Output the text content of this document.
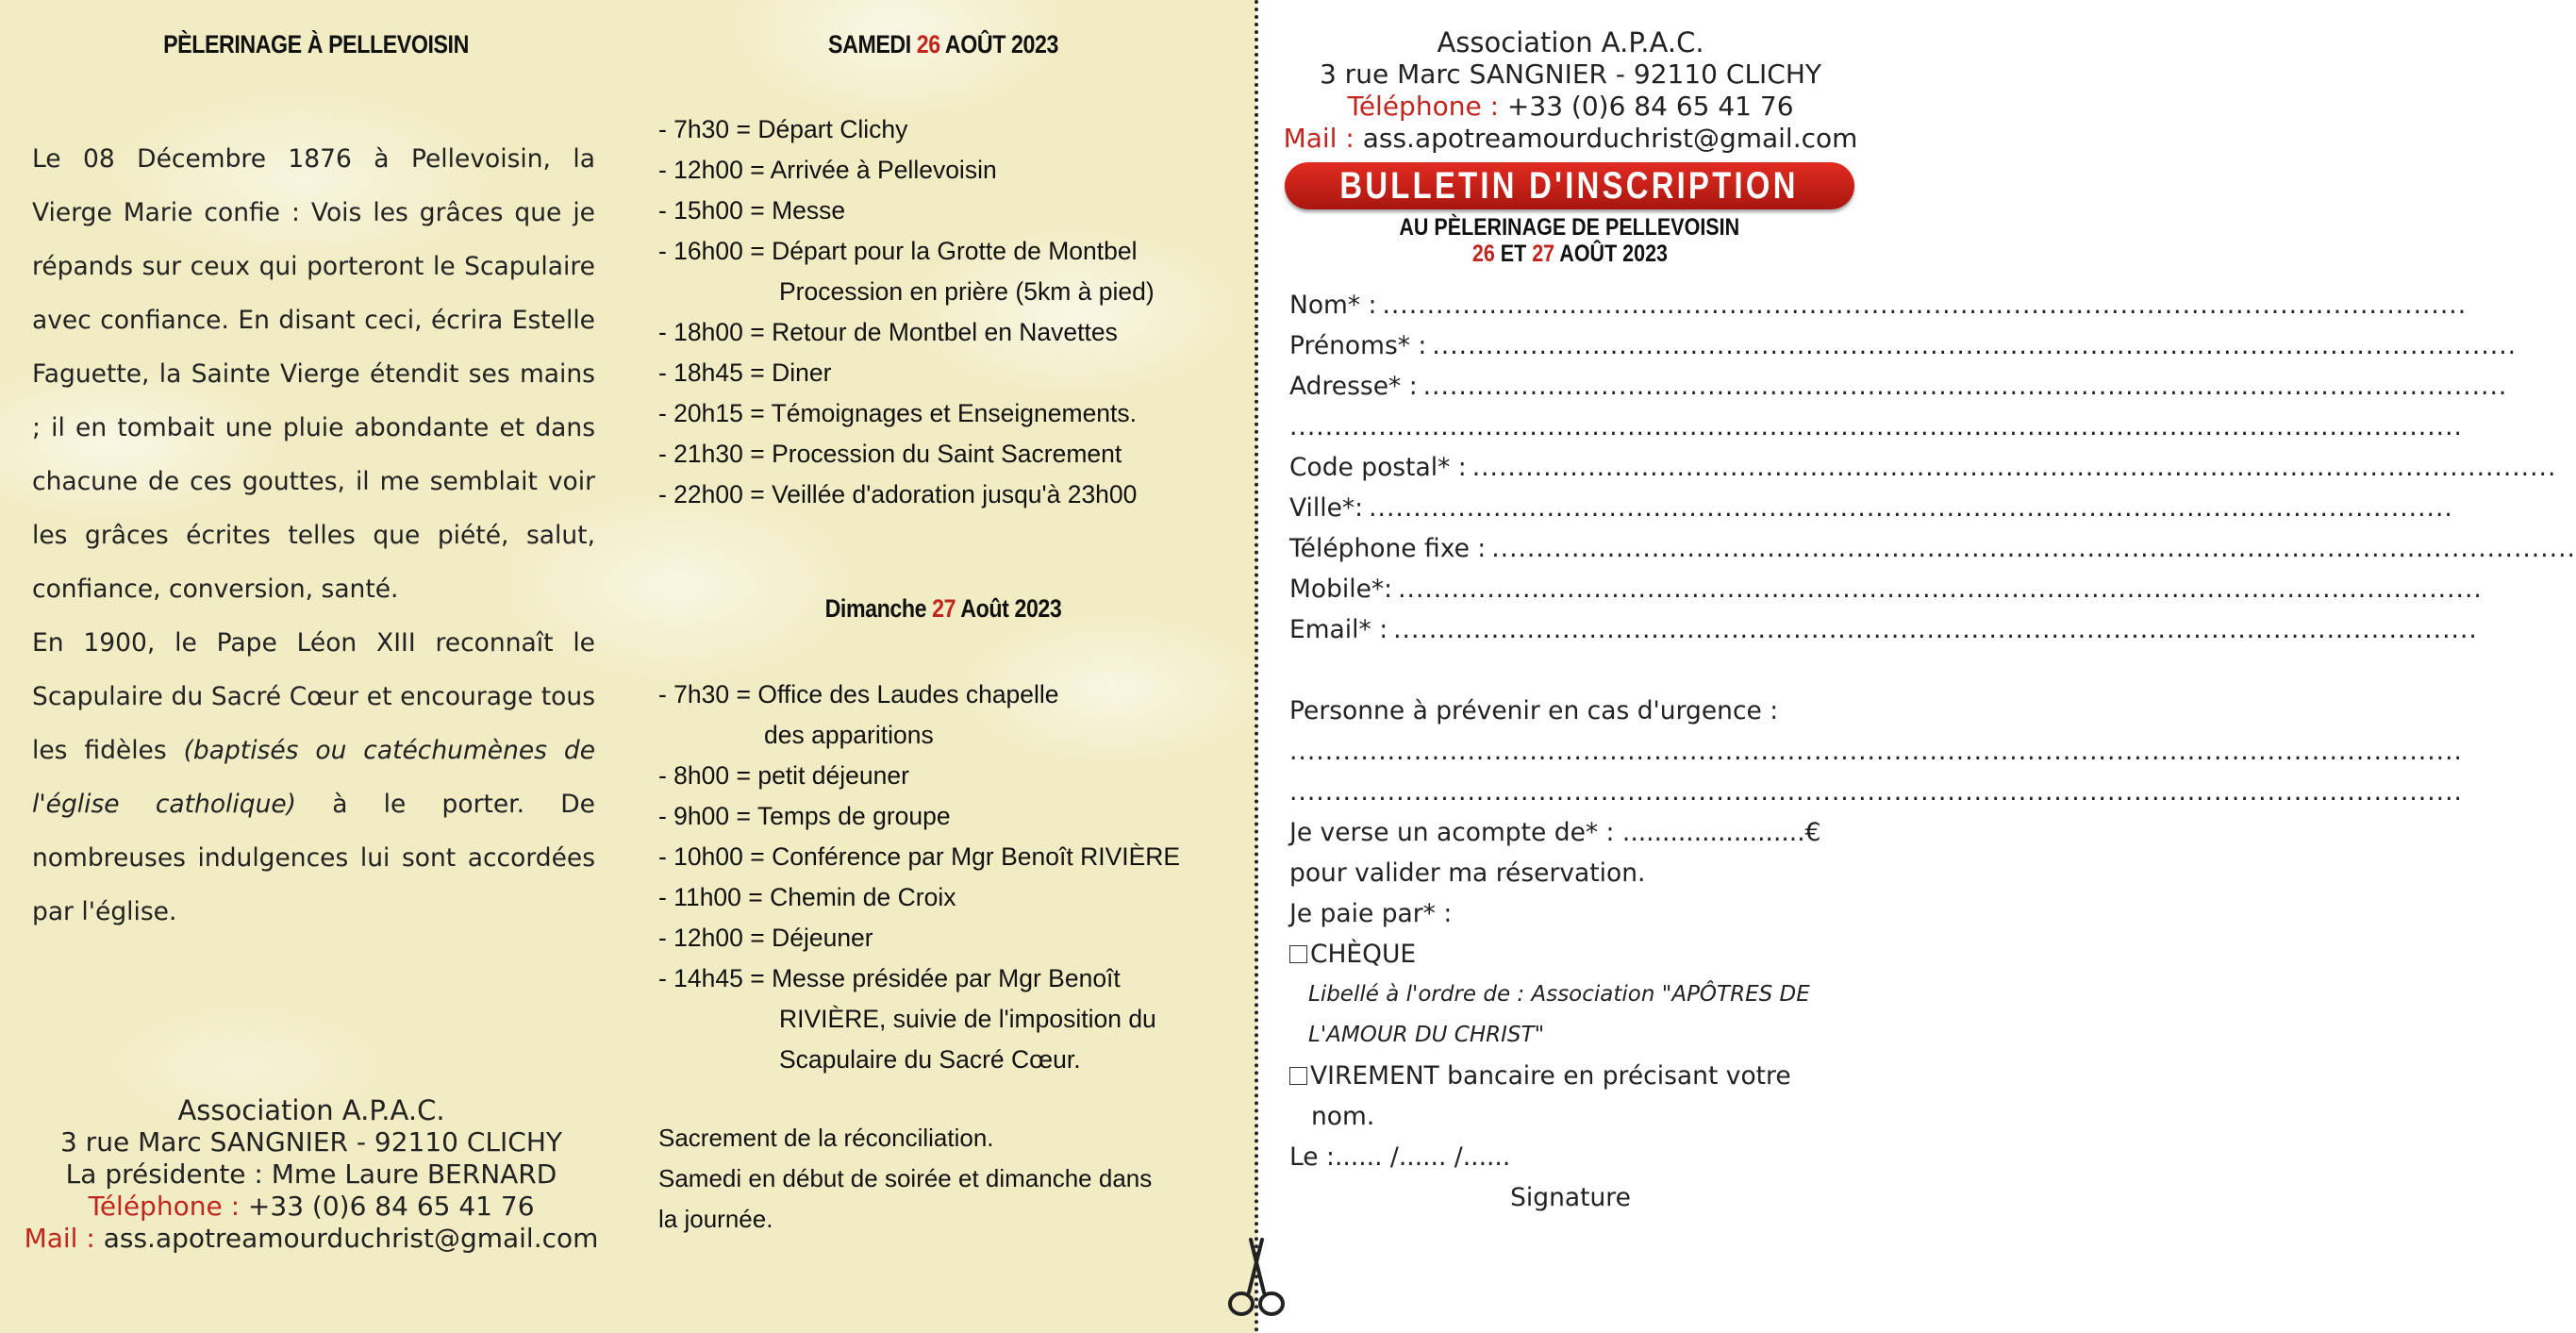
PÈLERINAGE À PELLEVOISIN

Le 08 Décembre 1876 à Pellevoisin, la Vierge Marie confie : Vois les grâces que je répands sur ceux qui porteront le Scapulaire avec confiance. En disant ceci, écrira Estelle Faguette, la Sainte Vierge étendit ses mains ; il en tombait une pluie abondante et dans chacune de ces gouttes, il me semblait voir les grâces écrites telles que piété, salut, confiance, conversion, santé.

En 1900, le Pape Léon XIII reconnaît le Scapulaire du Sacré Cœur et encourage tous les fidèles (baptisés ou catéchumènes de l'église catholique) à le porter. De nombreuses indulgences lui sont accordées par l'église.

Association A.P.A.C.
3 rue Marc SANGNIER - 92110 CLICHY
La présidente : Mme Laure BERNARD
Téléphone : +33 (0)6 84 65 41 76
Mail : ass.apotreamourduchrist@gmail.com
SAMEDI 26 AOÛT 2023
- 7h30 = Départ Clichy
- 12h00 = Arrivée à Pellevoisin
- 15h00 = Messe
- 16h00 = Départ pour la Grotte de Montbel
Procession en prière (5km à pied)
- 18h00 = Retour de Montbel en Navettes
- 18h45 = Diner
- 20h15 = Témoignages et Enseignements.
- 21h30 = Procession du Saint Sacrement
- 22h00 = Veillée d'adoration jusqu'à 23h00
Dimanche 27 Août 2023
- 7h30 = Office des Laudes chapelle
des apparitions
- 8h00 = petit déjeuner
- 9h00 = Temps de groupe
- 10h00 = Conférence par Mgr Benoît RIVIÈRE
- 11h00 = Chemin de Croix
- 12h00 = Déjeuner
- 14h45 = Messe présidée par Mgr Benoît
RIVIÈRE, suivie de l'imposition du
Scapulaire du Sacré Cœur.
Sacrement de la réconciliation.
Samedi en début de soirée et dimanche dans
la journée.
Association A.P.A.C.
3 rue Marc SANGNIER - 92110 CLICHY
Téléphone : +33 (0)6 84 65 41 76
Mail : ass.apotreamourduchrist@gmail.com
BULLETIN D'INSCRIPTION
AU PÈLERINAGE DE PELLEVOISIN
26 ET 27 AOÛT 2023
Nom* : ..........................................................................................................................
Prénoms* : ..........................................................................................................................
Adresse* : ..........................................................................................................................
....................................................................................................................................
Code postal* : ..........................................................................................................................
Ville*: ..........................................................................................................................
Téléphone fixe : ..........................................................................................................................
Mobile*: ..........................................................................................................................
Email* : ..........................................................................................................................
Personne à prévenir en cas d'urgence :
....................................................................................................................................
....................................................................................................................................
Je verse un acompte de* : .......................€
pour valider ma réservation.
Je paie par* :
CHÈQUE
Libellé à l'ordre de : Association "APÔTRES DE
L'AMOUR DU CHRIST"
VIREMENT bancaire en précisant votre
nom.
Le :...... /...... /......
Signature
